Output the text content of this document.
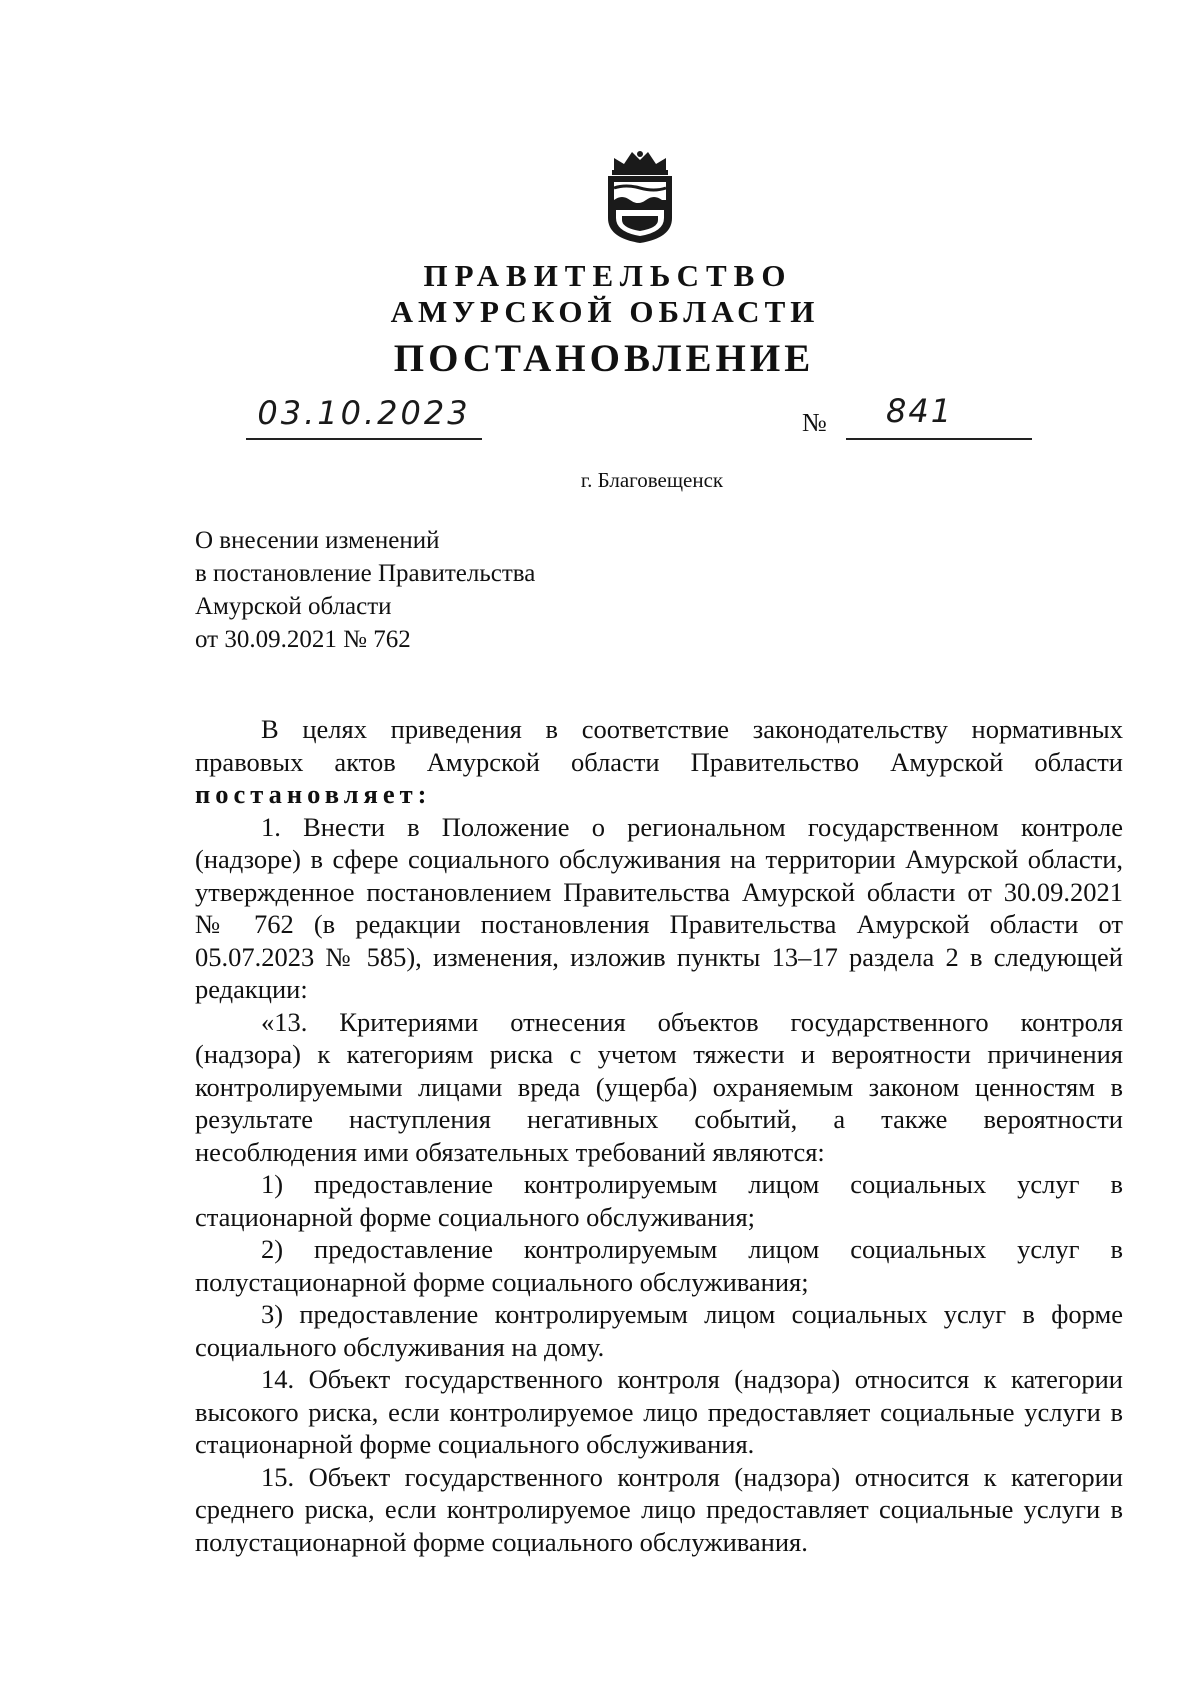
ПРАВИТЕЛЬСТВО
АМУРСКОЙ ОБЛАСТИ
ПОСТАНОВЛЕНИЕ
03.10.2023	№ 841
г. Благовещенск
О внесении изменений
в постановление Правительства
Амурской области
от 30.09.2021 № 762

В целях приведения в соответствие законодательству нормативных

правовых актов Амурской области Правительство Амурской области

постановляет:

1. Внести в Положение о региональном государственном контроле

(надзоре) в сфере социального обслуживания на территории Амурской области,

утвержденное постановлением Правительства Амурской области от 30.09.2021

№ 762 (в редакции постановления Правительства Амурской области от

05.07.2023 № 585), изменения, изложив пункты 13–17 раздела 2 в следующей

редакции:

«13. Критериями отнесения объектов государственного контроля

(надзора) к категориям риска с учетом тяжести и вероятности причинения

контролируемыми лицами вреда (ущерба) охраняемым законом ценностям в

результате наступления негативных событий, а также вероятности

несоблюдения ими обязательных требований являются:

1) предоставление контролируемым лицом социальных услуг в

стационарной форме социального обслуживания;

2) предоставление контролируемым лицом социальных услуг в

полустационарной форме социального обслуживания;

3) предоставление контролируемым лицом социальных услуг в форме

социального обслуживания на дому.

14. Объект государственного контроля (надзора) относится к категории

высокого риска, если контролируемое лицо предоставляет социальные услуги в

стационарной форме социального обслуживания.

15. Объект государственного контроля (надзора) относится к категории

среднего риска, если контролируемое лицо предоставляет социальные услуги в

полустационарной форме социального обслуживания.
